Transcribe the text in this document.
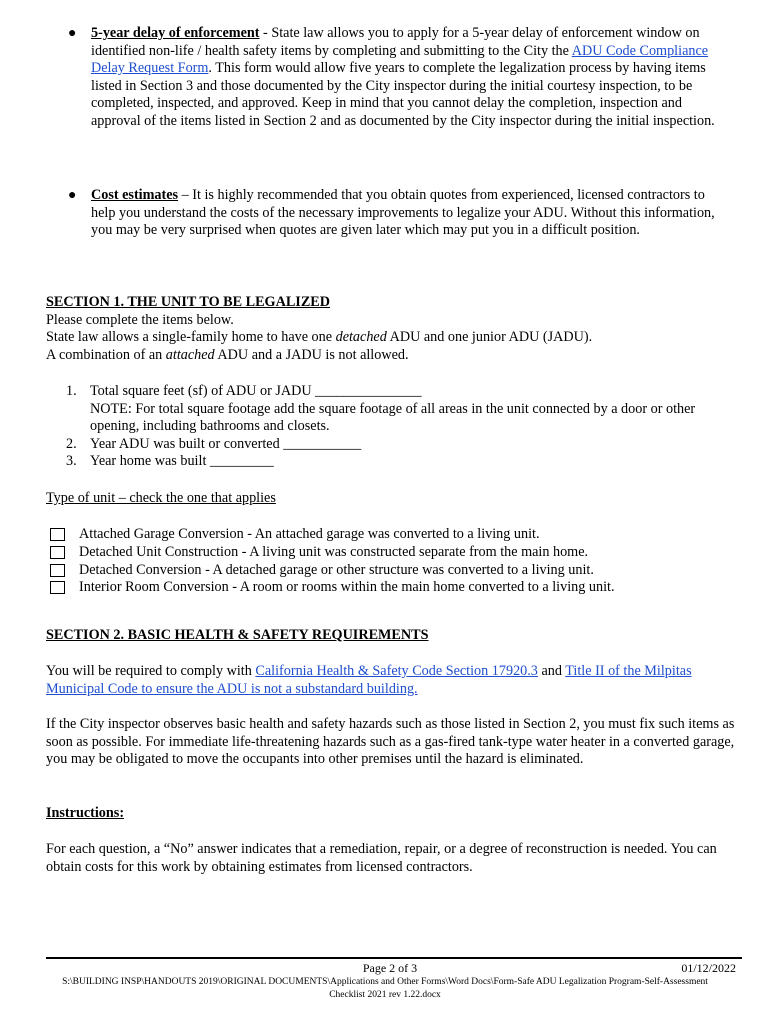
● 5-year delay of enforcement - State law allows you to apply for a 5-year delay of enforcement window on identified non-life / health safety items by completing and submitting to the City the ADU Code Compliance Delay Request Form. This form would allow five years to complete the legalization process by having items listed in Section 3 and those documented by the City inspector during the initial courtesy inspection, to be completed, inspected, and approved. Keep in mind that you cannot delay the completion, inspection and approval of the items listed in Section 2 and as documented by the City inspector during the initial inspection.
● Cost estimates – It is highly recommended that you obtain quotes from experienced, licensed contractors to help you understand the costs of the necessary improvements to legalize your ADU. Without this information, you may be very surprised when quotes are given later which may put you in a difficult position.
SECTION 1. THE UNIT TO BE LEGALIZED
Please complete the items below.
State law allows a single-family home to have one detached ADU and one junior ADU (JADU).
A combination of an attached ADU and a JADU is not allowed.
1. Total square feet (sf) of ADU or JADU _______________
NOTE: For total square footage add the square footage of all areas in the unit connected by a door or other opening, including bathrooms and closets.
2. Year ADU was built or converted ___________
3. Year home was built _________
Type of unit – check the one that applies
Attached Garage Conversion - An attached garage was converted to a living unit.
Detached Unit Construction - A living unit was constructed separate from the main home.
Detached Conversion - A detached garage or other structure was converted to a living unit.
Interior Room Conversion - A room or rooms within the main home converted to a living unit.
SECTION 2. BASIC HEALTH & SAFETY REQUIREMENTS
You will be required to comply with California Health & Safety Code Section 17920.3 and Title II of the Milpitas Municipal Code to ensure the ADU is not a substandard building.
If the City inspector observes basic health and safety hazards such as those listed in Section 2, you must fix such items as soon as possible. For immediate life-threatening hazards such as a gas-fired tank-type water heater in a converted garage, you may be obligated to move the occupants into other premises until the hazard is eliminated.
Instructions:
For each question, a “No” answer indicates that a remediation, repair, or a degree of reconstruction is needed. You can obtain costs for this work by obtaining estimates from licensed contractors.
Page 2 of 3	01/12/2022
S:\BUILDING INSP\HANDOUTS 2019\ORIGINAL DOCUMENTS\Applications and Other Forms\Word Docs\Form-Safe ADU Legalization Program-Self-Assessment Checklist 2021 rev 1.22.docx
